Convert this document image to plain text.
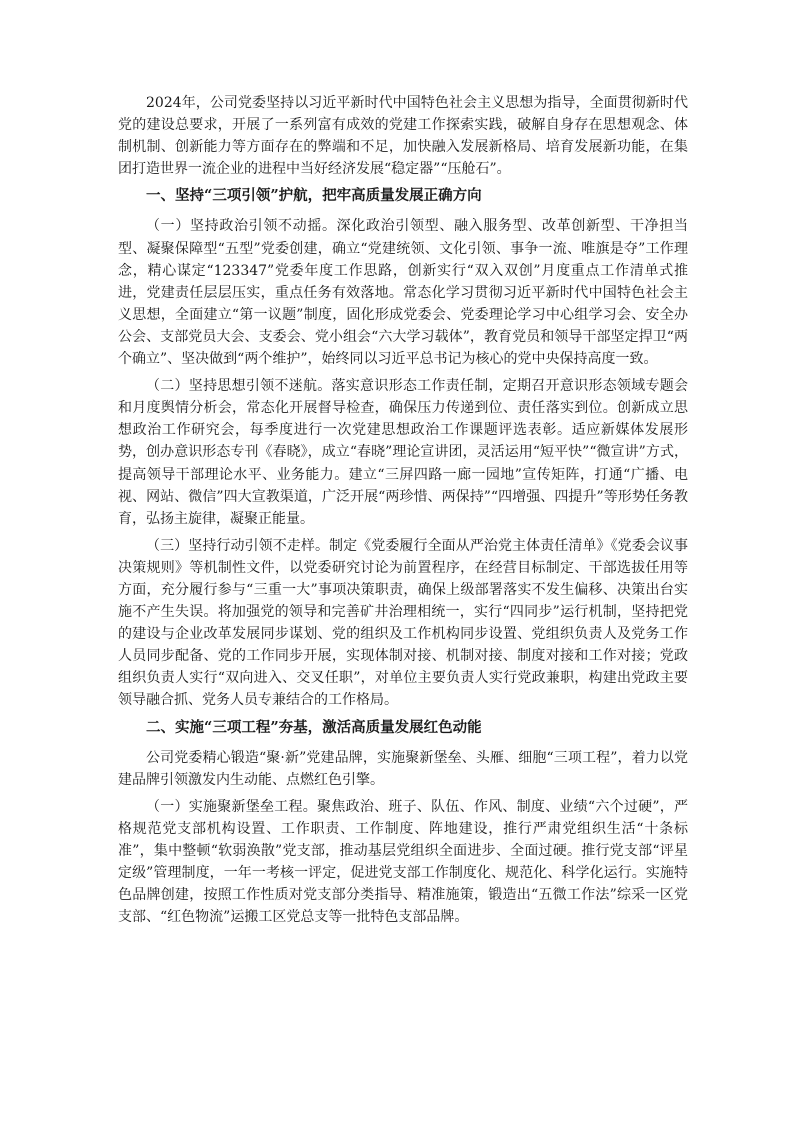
2024年，公司党委坚持以习近平新时代中国特色社会主义思想为指导，全面贯彻新时代党的建设总要求，开展了一系列富有成效的党建工作探索实践，破解自身存在思想观念、体制机制、创新能力等方面存在的弊端和不足，加快融入发展新格局、培育发展新功能，在集团打造世界一流企业的进程中当好经济发展“稳定器”“压舱石”。

一、坚持“三项引领”护航，把牢高质量发展正确方向

（一）坚持政治引领不动摇。深化政治引领型、融入服务型、改革创新型、干净担当型、凝聚保障型“五型”党委创建，确立“党建统领、文化引领、事争一流、唯旗是夺”工作理念，精心谋定“123347”党委年度工作思路，创新实行“双入双创”月度重点工作清单式推进，党建责任层层压实，重点任务有效落地。常态化学习贯彻习近平新时代中国特色社会主义思想，全面建立“第一议题”制度，固化形成党委会、党委理论学习中心组学习会、安全办公会、支部党员大会、支委会、党小组会“六大学习载体”，教育党员和领导干部坚定捍卫“两个确立”、坚决做到“两个维护”，始终同以习近平总书记为核心的党中央保持高度一致。

（二）坚持思想引领不迷航。落实意识形态工作责任制，定期召开意识形态领域专题会和月度舆情分析会，常态化开展督导检查，确保压力传递到位、责任落实到位。创新成立思想政治工作研究会，每季度进行一次党建思想政治工作课题评选表彰。适应新媒体发展形势，创办意识形态专刊《春晓》，成立“春晓”理论宣讲团，灵活运用“短平快”“微宣讲”方式，提高领导干部理论水平、业务能力。建立“三屏四路一廊一园地”宣传矩阵，打通“广播、电视、网站、微信”四大宣教渠道，广泛开展“两珍惜、两保持”“四增强、四提升”等形势任务教育，弘扬主旋律，凝聚正能量。

（三）坚持行动引领不走样。制定《党委履行全面从严治党主体责任清单》《党委会议事决策规则》等机制性文件，以党委研究讨论为前置程序，在经营目标制定、干部选拔任用等方面，充分履行参与“三重一大”事项决策职责，确保上级部署落实不发生偏移、决策出台实施不产生失误。将加强党的领导和完善矿井治理相统一，实行“四同步”运行机制，坚持把党的建设与企业改革发展同步谋划、党的组织及工作机构同步设置、党组织负责人及党务工作人员同步配备、党的工作同步开展，实现体制对接、机制对接、制度对接和工作对接；党政组织负责人实行“双向进入、交叉任职”，对单位主要负责人实行党政兼职，构建出党政主要领导融合抓、党务人员专兼结合的工作格局。

二、实施“三项工程”夯基，激活高质量发展红色动能

公司党委精心锻造“聚·新”党建品牌，实施聚新堡垒、头雁、细胞“三项工程”，着力以党建品牌引领激发内生动能、点燃红色引擎。

（一）实施聚新堡垒工程。聚焦政治、班子、队伍、作风、制度、业绩“六个过硬”，严格规范党支部机构设置、工作职责、工作制度、阵地建设，推行严肃党组织生活“十条标准”，集中整顿“软弱涣散”党支部，推动基层党组织全面进步、全面过硬。推行党支部“评星定级”管理制度，一年一考核一评定，促进党支部工作制度化、规范化、科学化运行。实施特色品牌创建，按照工作性质对党支部分类指导、精准施策，锻造出“五微工作法”综采一区党支部、“红色物流”运搬工区党总支等一批特色支部品牌。
